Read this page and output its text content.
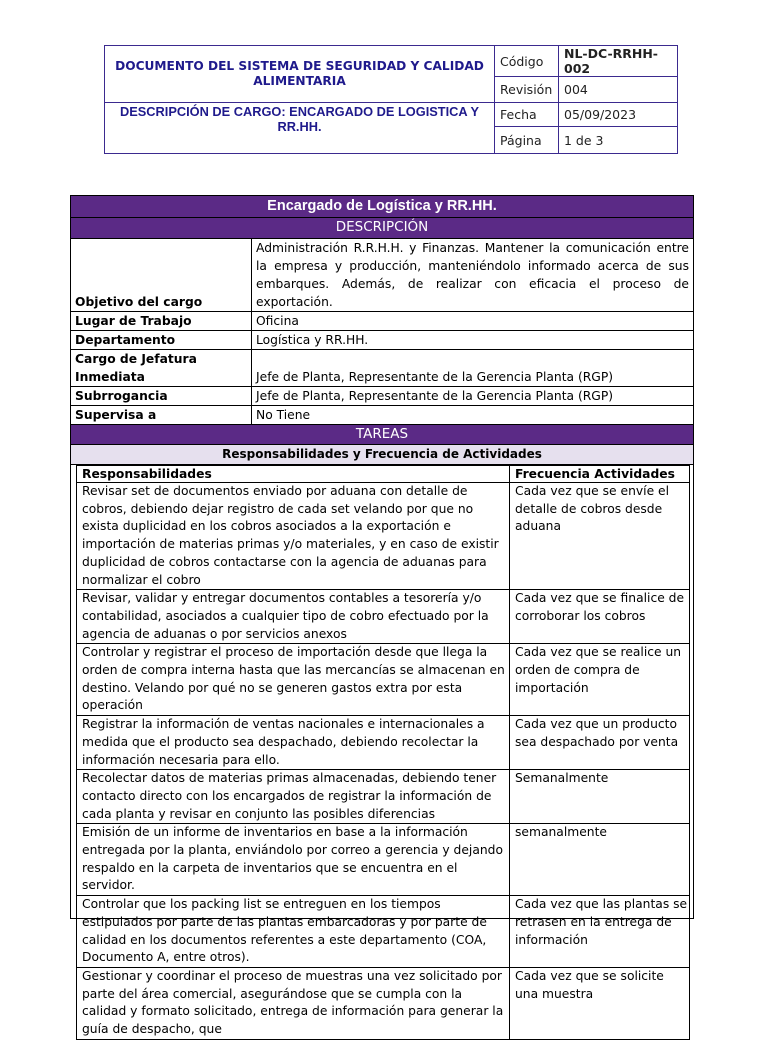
DOCUMENTO DEL SISTEMA DE SEGURIDAD Y CALIDAD ALIMENTARIA	Código	NL-DC-RRHH-002
	Revisión	004
DESCRIPCIÓN DE CARGO: ENCARGADO DE LOGISTICA Y RR.HH.	Fecha	05/09/2023
	Página	1 de 3
Encargado de Logística y RR.HH.
DESCRIPCIÓN
Objetivo del cargo	Administración R.R.H.H. y Finanzas. Mantener la comunicación entre la empresa y producción, manteniéndolo informado acerca de sus embarques. Además, de realizar con eficacia el proceso de exportación.
Lugar de Trabajo	Oficina
Departamento	Logística y RR.HH.
Cargo de Jefatura Inmediata	Jefe de Planta, Representante de la Gerencia Planta (RGP)
Subrrogancia	Jefe de Planta, Representante de la Gerencia Planta (RGP)
Supervisa a	No Tiene
TAREAS
Responsabilidades y Frecuencia de Actividades
Responsabilidades	Frecuencia Actividades
Revisar set de documentos enviado por aduana con detalle de cobros, debiendo dejar registro de cada set velando por que no exista duplicidad en los cobros asociados a la exportación e importación de materias primas y/o materiales, y en caso de existir duplicidad de cobros contactarse con la agencia de aduanas para normalizar el cobro	Cada vez que se envíe el detalle de cobros desde aduana
Revisar, validar y entregar documentos contables a tesorería y/o contabilidad, asociados a cualquier tipo de cobro efectuado por la agencia de aduanas o por servicios anexos	Cada vez que se finalice de corroborar los cobros
Controlar y registrar el proceso de importación desde que llega la orden de compra interna hasta que las mercancías se almacenan en destino. Velando por qué no se generen gastos extra por esta operación	Cada vez que se realice un orden de compra de importación
Registrar la información de ventas nacionales e internacionales a medida que el producto sea despachado, debiendo recolectar la información necesaria para ello.	Cada vez que un producto sea despachado por venta
Recolectar datos de materias primas almacenadas, debiendo tener contacto directo con los encargados de registrar la información de cada planta y revisar en conjunto las posibles diferencias	Semanalmente
Emisión de un informe de inventarios en base a la información entregada por la planta, enviándolo por correo a gerencia y dejando respaldo en la carpeta de inventarios que se encuentra en el servidor.	semanalmente
Controlar que los packing list se entreguen en los tiempos estipulados por parte de las plantas embarcadoras y por parte de calidad en los documentos referentes a este departamento (COA, Documento A, entre otros).	Cada vez que las plantas se retrasen en la entrega de información
Gestionar y coordinar el proceso de muestras una vez solicitado por parte del área comercial, asegurándose que se cumpla con la calidad y formato solicitado, entrega de información para generar la guía de despacho, que	Cada vez que se solicite una muestra
